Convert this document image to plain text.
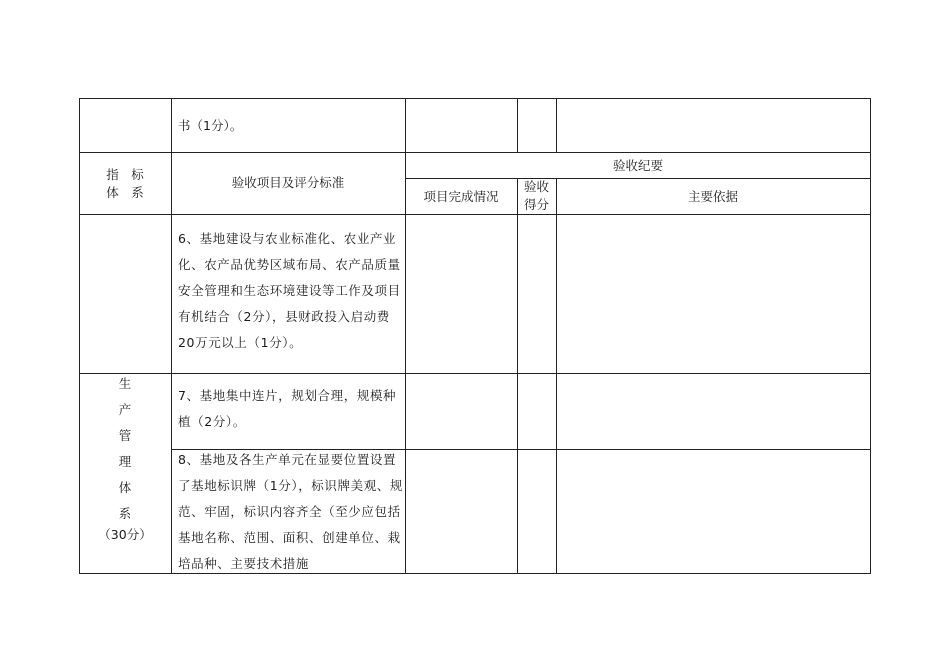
书（1分）。
指　标
体　系
验收项目及评分标准
验收纪要
项目完成情况
验收
得分
主要依据
6、基地建设与农业标准化、农业产业化、农产品优势区域布局、农产品质量安全管理和生态环境建设等工作及项目有机结合（2分），县财政投入启动费20万元以上（1分）。
7、基地集中连片，规划合理，规模种植（2分）。
8、基地及各生产单元在显要位置设置了基地标识牌（1分），标识牌美观、规范、牢固，标识内容齐全（至少应包括基地名称、范围、面积、创建单位、栽培品种、主要技术措施
生
产
管
理
体
系
（30分）
